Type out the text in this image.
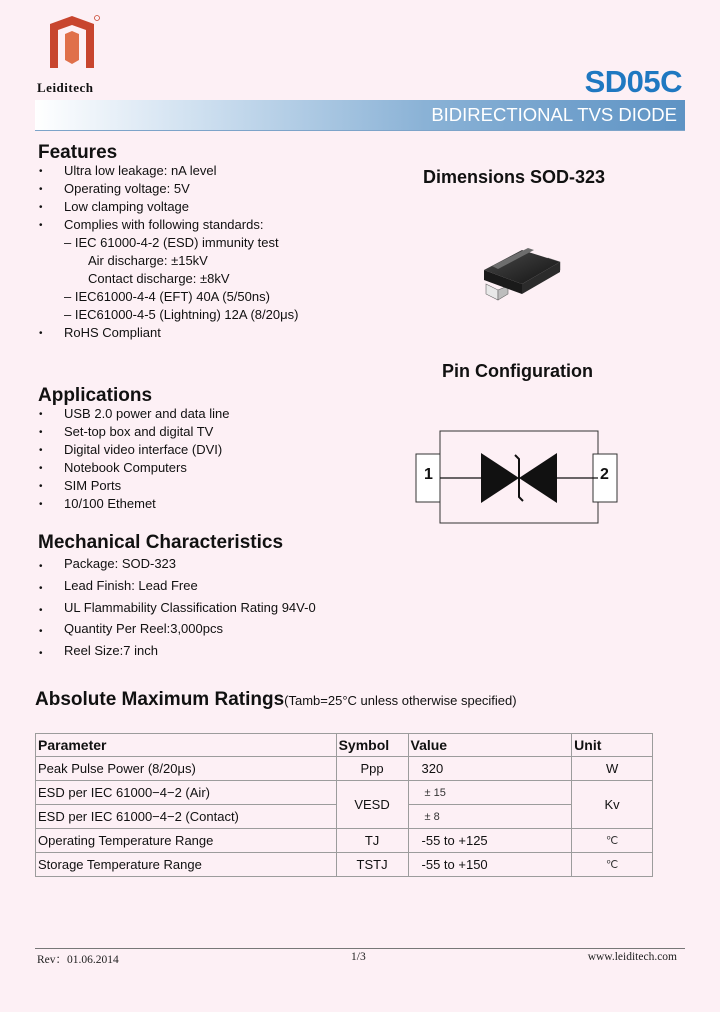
Leiditech	SD05C
BIDIRECTIONAL TVS DIODE
Features
• Ultra low leakage: nA level
• Operating voltage: 5V
• Low clamping voltage
• Complies with following standards:
– IEC 61000-4-2 (ESD) immunity test
Air discharge: ±15kV
Contact discharge: ±8kV
– IEC61000-4-4 (EFT) 40A (5/50ns)
– IEC61000-4-5 (Lightning) 12A (8/20μs)
• RoHS Compliant
Applications
• USB 2.0 power and data line
• Set-top box and digital TV
• Digital video interface (DVI)
• Notebook Computers
• SIM Ports
• 10/100 Ethemet
Mechanical Characteristics
• Package: SOD-323
• Lead Finish: Lead Free
• UL Flammability Classification Rating 94V-0
• Quantity Per Reel:3,000pcs
• Reel Size:7 inch
Dimensions SOD-323
Pin Configuration
1	2
Absolute Maximum Ratings(Tamb=25°C unless otherwise specified)
Parameter	Symbol	Value	Unit
Peak Pulse Power (8/20μs)	Ppp	320	W
ESD per IEC 61000−4−2 (Air)	VESD	± 15	Kv
ESD per IEC 61000−4−2 (Contact)		± 8	
Operating Temperature Range	TJ	-55 to +125	℃
Storage Temperature Range	TSTJ	-55 to +150	℃
Rev：01.06.2014	1/3	www.leiditech.com
